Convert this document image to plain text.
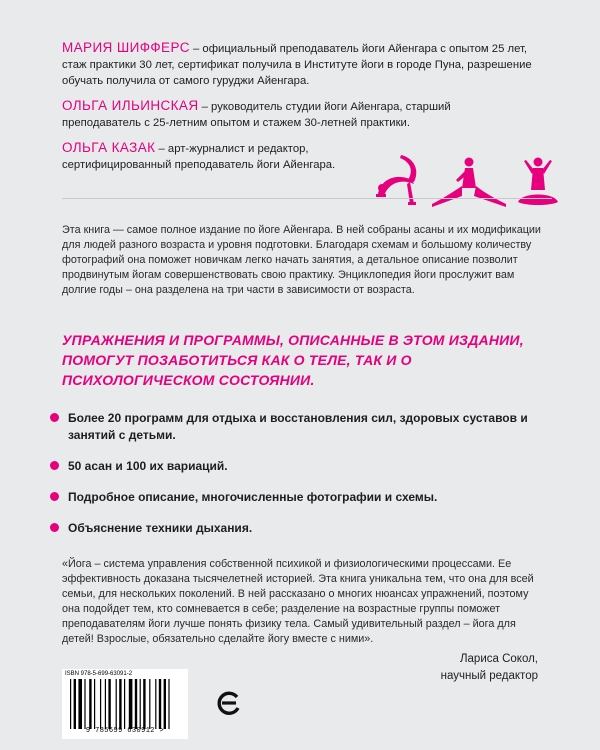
МАРИЯ ШИФФЕРС – официальный преподаватель йоги Айенгара с опытом 25 лет, стаж практики 30 лет, сертификат получила в Институте йоги в городе Пуна, разрешение обучать получила от самого гуруджи Айенгара.
ОЛЬГА ИЛЬИНСКАЯ – руководитель студии йоги Айенгара, старший преподаватель с 25-летним опытом и стажем 30-летней практики.
ОЛЬГА КАЗАК – арт-журналист и редактор, сертифицированный преподаватель йоги Айенгара.
Эта книга — самое полное издание по йоге Айенгара. В ней собраны асаны и их модификации для людей разного возраста и уровня подготовки. Благодаря схемам и большому количеству фотографий она поможет новичкам легко начать занятия, а детальное описание позволит продвинутым йогам совершенствовать свою практику. Энциклопедия йоги прослужит вам долгие годы – она разделена на три части в зависимости от возраста.
УПРАЖНЕНИЯ И ПРОГРАММЫ, ОПИСАННЫЕ В ЭТОМ ИЗДАНИИ, ПОМОГУТ ПОЗАБОТИТЬСЯ КАК О ТЕЛЕ, ТАК И О ПСИХОЛОГИЧЕСКОМ СОСТОЯНИИ.
Более 20 программ для отдыха и восстановления сил, здоровых суставов и занятий с детьми.
50 асан и 100 их вариаций.
Подробное описание, многочисленные фотографии и схемы.
Объяснение техники дыхания.
«Йога – система управления собственной психикой и физиологическими процессами. Ее эффективность доказана тысячелетней историей. Эта книга уникальна тем, что она для всей семьи, для нескольких поколений. В ней рассказано о многих нюансах упражнений, поэтому она подойдет тем, кто сомневается в себе; разделение на возрастные группы поможет преподавателям йоги лучше понять физику тела. Самый удивительный раздел – йога для детей! Взрослые, обязательно сделайте йогу вместе с ними».
Лариса Сокол,
научный редактор
ISBN 978-5-699-63091-2
9 785699 630912 >
